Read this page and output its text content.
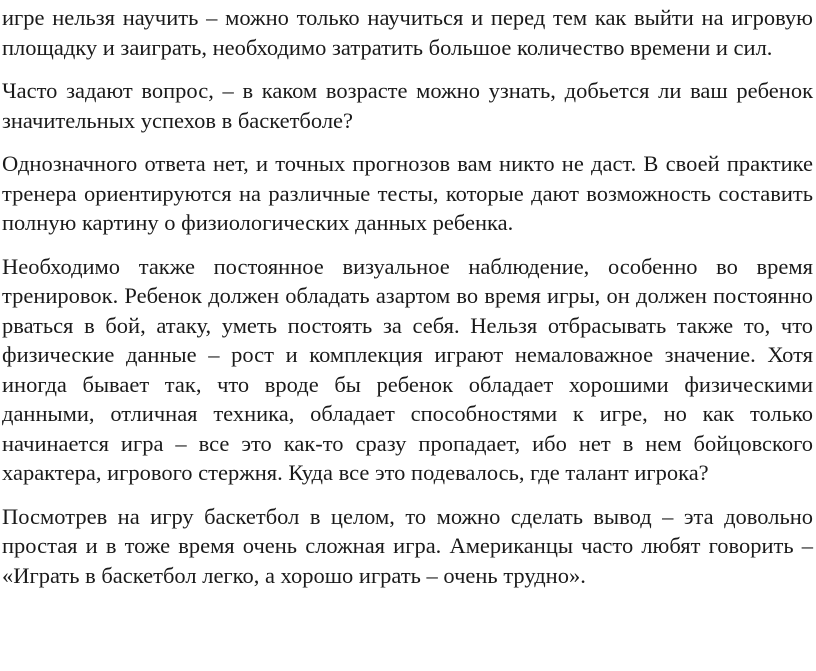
игре нельзя научить – можно только научиться и перед тем как выйти на игровую площадку и заиграть, необходимо затратить большое количество времени и сил.

Часто задают вопрос, – в каком возрасте можно узнать, добьется ли ваш ребенок значительных успехов в баскетболе?

Однозначного ответа нет, и точных прогнозов вам никто не даст. В своей практике тренера ориентируются на различные тесты, которые дают возможность составить полную картину о физиологических данных ребенка.

Необходимо также постоянное визуальное наблюдение, особенно во время тренировок. Ребенок должен обладать азартом во время игры, он должен постоянно рваться в бой, атаку, уметь постоять за себя. Нельзя отбрасывать также то, что физические данные – рост и комплекция играют немаловажное значение. Хотя иногда бывает так, что вроде бы ребенок обладает хорошими физическими данными, отличная техника, обладает способностями к игре, но как только начинается игра – все это как-то сразу пропадает, ибо нет в нем бойцовского характера, игрового стержня. Куда все это подевалось, где талант игрока?

Посмотрев на игру баскетбол в целом, то можно сделать вывод – эта довольно простая и в тоже время очень сложная игра. Американцы часто любят говорить – «Играть в баскетбол легко, а хорошо играть – очень трудно».
